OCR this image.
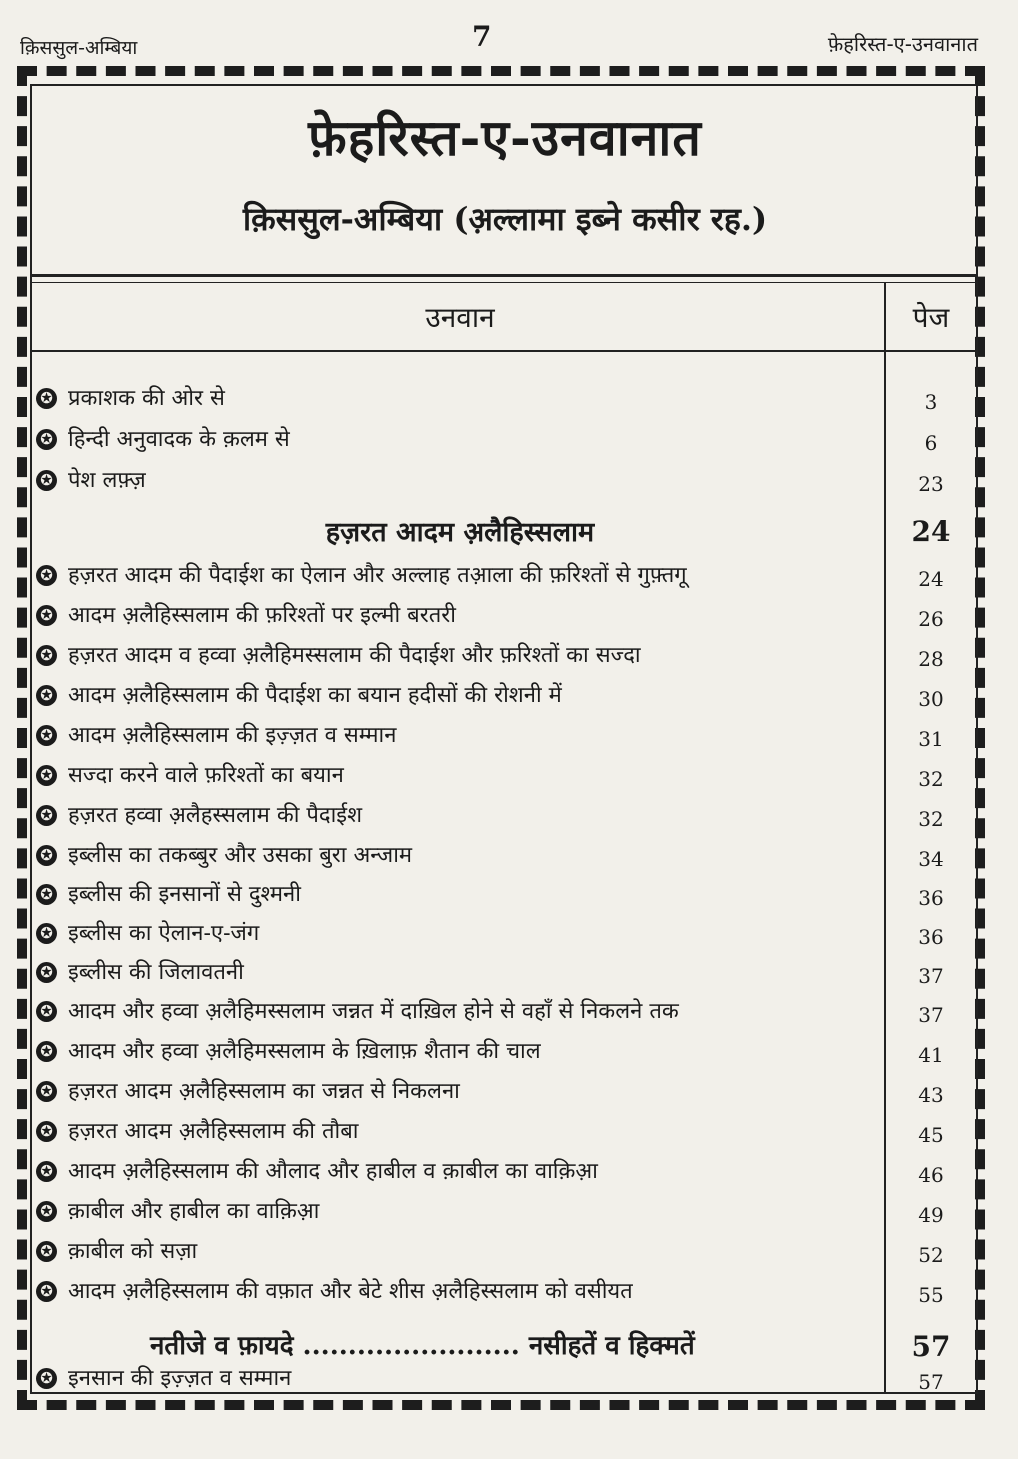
क़िससुल-अम्बिया	7	फ़ेहरिस्त-ए-उनवानात
फ़ेहरिस्त-ए-उनवानात
क़िससुल-अम्बिया (अ़ल्लामा इब्ने कसीर रह.)
उनवान	पेज
✪ प्रकाशक की ओर से	3
✪ हिन्दी अनुवादक के क़लम से	6
✪ पेश लफ़्ज़	23
हज़रत आदम अ़लैहिस्सलाम	24
✪ हज़रत आदम की पैदाईश का ऐलान और अल्लाह तआ़ला की फ़रिश्तों से गुफ़्तगू	24
✪ आदम अ़लैहिस्सलाम की फ़रिश्तों पर इल्मी बरतरी	26
✪ हज़रत आदम व हव्वा अ़लैहिमस्सलाम की पैदाईश और फ़रिश्तों का सज्दा	28
✪ आदम अ़लैहिस्सलाम की पैदाईश का बयान हदीसों की रोशनी में	30
✪ आदम अ़लैहिस्सलाम की इज़्ज़त व सम्मान	31
✪ सज्दा करने वाले फ़रिश्तों का बयान	32
✪ हज़रत हव्वा अ़लैहस्सलाम की पैदाईश	32
✪ इब्लीस का तकब्बुर और उसका बुरा अन्जाम	34
✪ इब्लीस की इनसानों से दुश्मनी	36
✪ इब्लीस का ऐलान-ए-जंग	36
✪ इब्लीस की जिलावतनी	37
✪ आदम और हव्वा अ़लैहिमस्सलाम जन्नत में दाख़िल होने से वहाँ से निकलने तक	37
✪ आदम और हव्वा अ़लैहिमस्सलाम के ख़िलाफ़ शैतान की चाल	41
✪ हज़रत आदम अ़लैहिस्सलाम का जन्नत से निकलना	43
✪ हज़रत आदम अ़लैहिस्सलाम की तौबा	45
✪ आदम अ़लैहिस्सलाम की औलाद और हाबील व क़ाबील का वाक़िआ़	46
✪ क़ाबील और हाबील का वाक़िआ़	49
✪ क़ाबील को सज़ा	52
✪ आदम अ़लैहिस्सलाम की वफ़ात और बेटे शीस अ़लैहिस्सलाम को वसीयत	55
नतीजे व फ़ायदे ........................ नसीहतें व हिक्मतें	57
✪ इनसान की इज़्ज़त व सम्मान	57
